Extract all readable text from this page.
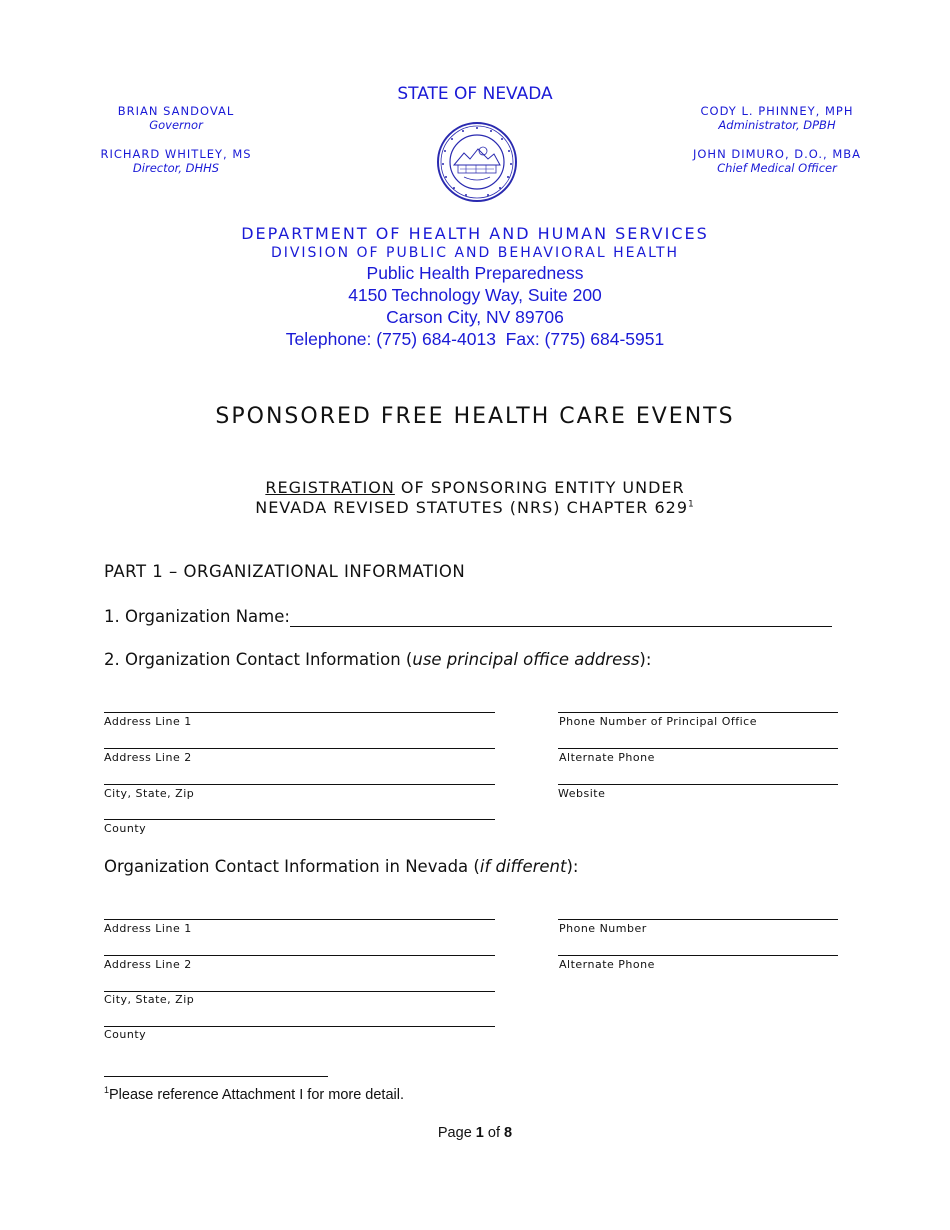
STATE OF NEVADA
BRIAN SANDOVAL
Governor
RICHARD WHITLEY, MS
Director, DHHS
CODY L. PHINNEY, MPH
Administrator, DPBH
JOHN DIMURO, D.O., MBA
Chief Medical Officer
DEPARTMENT OF HEALTH AND HUMAN SERVICES
DIVISION OF PUBLIC AND BEHAVIORAL HEALTH
Public Health Preparedness
4150 Technology Way, Suite 200
Carson City, NV 89706
Telephone: (775) 684-4013  Fax: (775) 684-5951
SPONSORED FREE HEALTH CARE EVENTS
REGISTRATION OF SPONSORING ENTITY UNDER
NEVADA REVISED STATUTES (NRS) CHAPTER $629^1$
PART 1 – ORGANIZATIONAL INFORMATION
1. Organization Name:
2. Organization Contact Information (use principal office address):
Address Line 1
Address Line 2
City, State, Zip
County
Phone Number of Principal Office
Alternate Phone
Website
Organization Contact Information in Nevada (if different):
Address Line 1
Address Line 2
City, State, Zip
County
Phone Number
Alternate Phone
$^1$Please reference Attachment I for more detail.
Page 1 of 8
